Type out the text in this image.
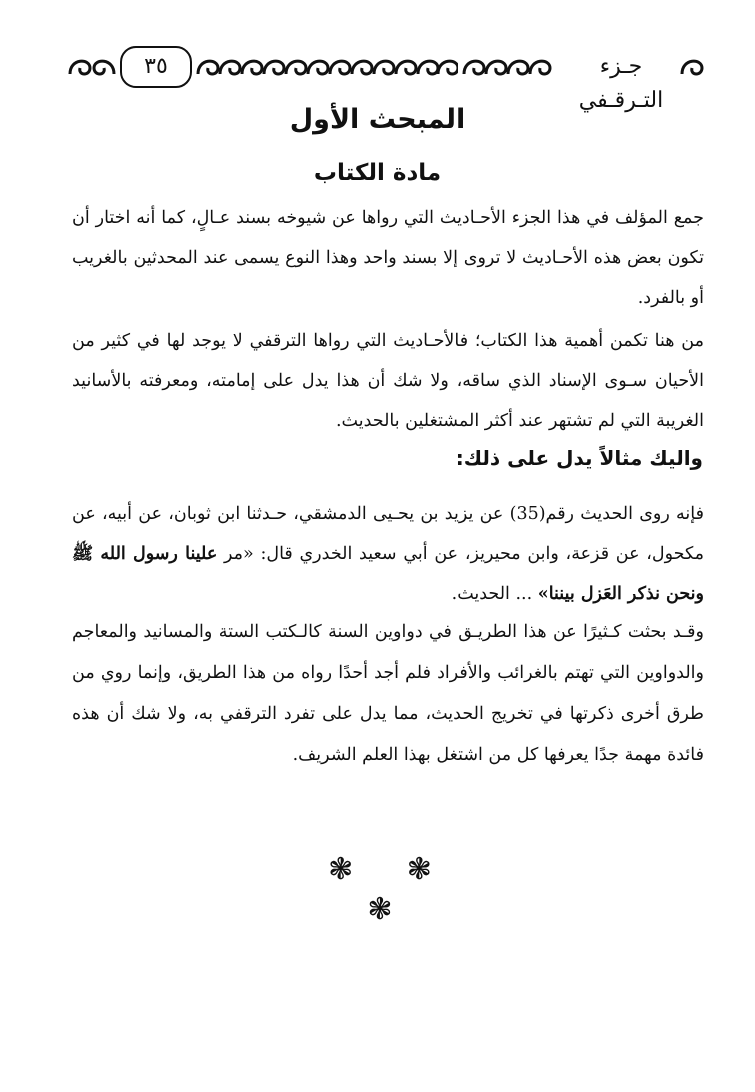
٣٥	جـزء التـرقـفي
المبحث الأول
مادة الكتاب
جمع المؤلف في هذا الجزء الأحـاديث التي رواها عن شيوخه بسند عـالٍ، كما أنه اختار أن تكون بعض هذه الأحـاديث لا تروى إلا بسند واحد وهذا النوع يسمى عند المحدثين بالغريب أو بالفرد.
من هنا تكمن أهمية هذا الكتاب؛ فالأحـاديث التي رواها الترقفي لا يوجد لها في كثير من الأحيان سـوى الإسناد الذي ساقه، ولا شك أن هذا يدل على إمامته، ومعرفته بالأسانيد الغريبة التي لم تشتهر عند أكثر المشتغلين بالحديث.
واليك مثالاً يدل على ذلك:
فإنه روى الحديث رقم(35) عن يزيد بن يحـيى الدمشقي، حـدثنا ابن ثوبان، عن أبيه، عن مكحول، عن قزعة، وابن محيريز، عن أبي سعيد الخدري قال: «مر علينا رسول الله ﷺ ونحن نذكر العَزل بيننا» ... الحديث.
وقـد بحثت كـثيرًا عن هذا الطريـق في دواوين السنة كالـكتب الستة والمسانيد والمعاجم والدواوين التي تهتم بالغرائب والأفراد فلم أجد أحدًا رواه من هذا الطريق، وإنما روي من طرق أخرى ذكرتها في تخريج الحديث، مما يدل على تفرد الترقفي به، ولا شك أن هذه فائدة مهمة جدًا يعرفها كل من اشتغل بهذا العلم الشريف.
❃ ❃ ❃
